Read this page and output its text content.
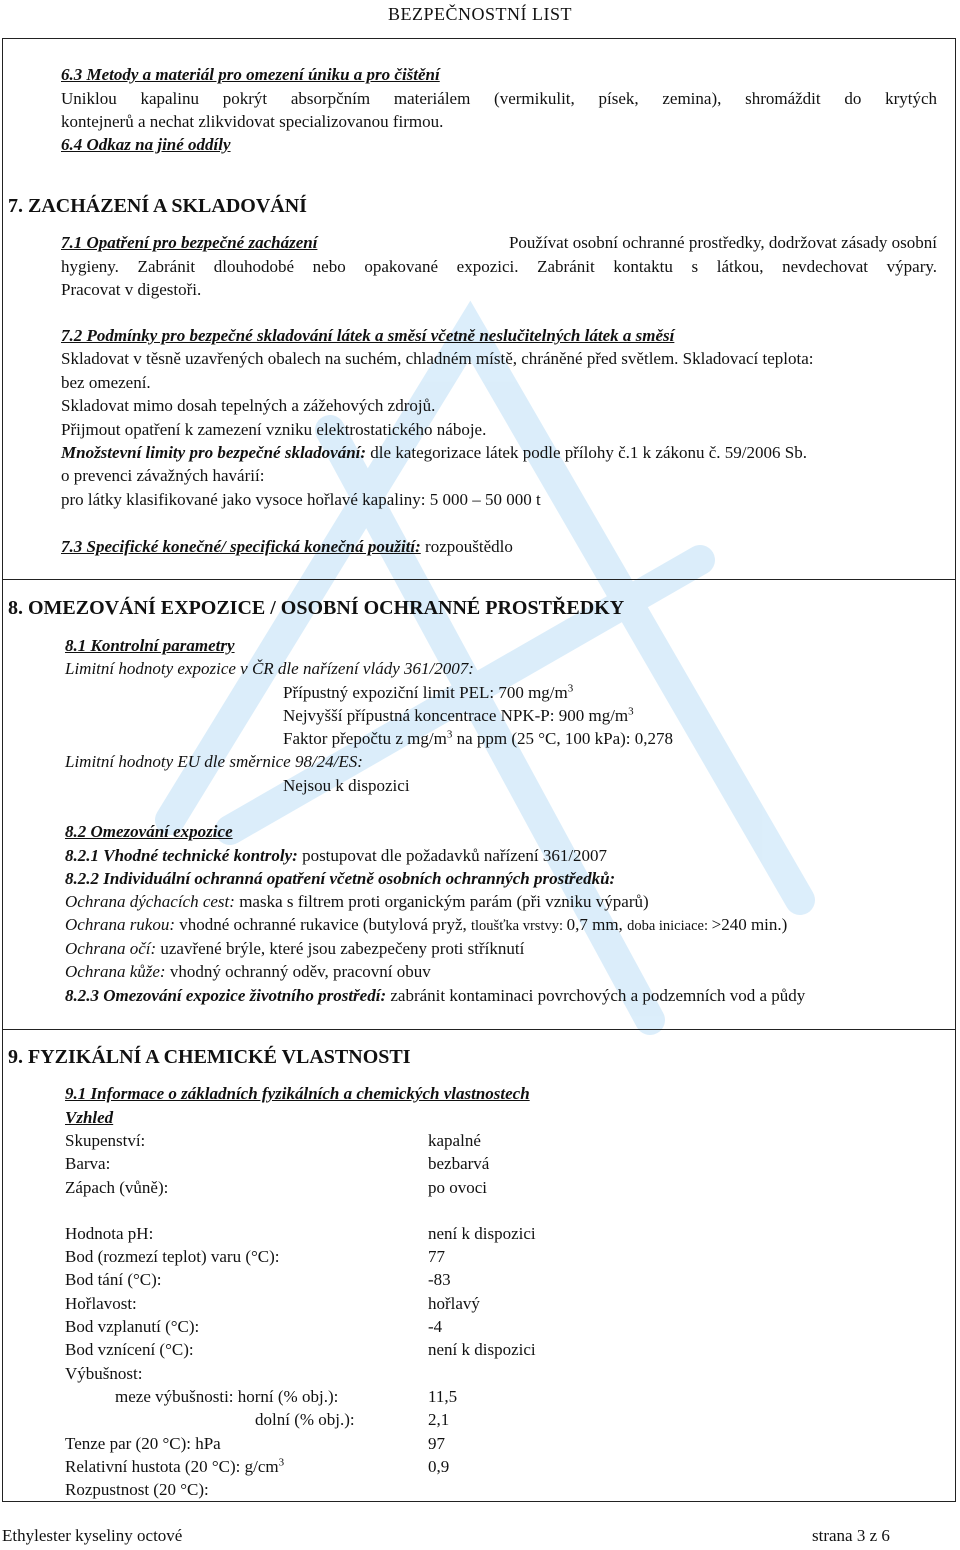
BEZPEČNOSTNÍ LIST
6.3 Metody a materiál pro omezení úniku a pro čištění
Uniklou kapalinu pokrýt absorpčním materiálem (vermikulit, písek, zemina), shromáždit do krytých
kontejnerů a nechat zlikvidovat specializovanou firmou.
6.4 Odkaz na jiné oddíly
7. ZACHÁZENÍ A SKLADOVÁNÍ
7.1 Opatření pro bezpečné zacházení	Používat osobní ochranné prostředky, dodržovat zásady osobní
hygieny. Zabránit dlouhodobé nebo opakované expozici. Zabránit kontaktu s látkou, nevdechovat výpary.
Pracovat v digestoři.
7.2 Podmínky pro bezpečné skladování látek a směsí včetně neslučitelných látek a směsí
Skladovat v těsně uzavřených obalech na suchém, chladném místě, chráněné před světlem. Skladovací teplota:
bez omezení.
Skladovat mimo dosah tepelných a zážehových zdrojů.
Přijmout opatření k zamezení vzniku elektrostatického náboje.
Množstevní limity pro bezpečné skladování: dle kategorizace látek podle přílohy č.1 k zákonu č. 59/2006 Sb.
o prevenci závažných havárií:
pro látky klasifikované jako vysoce hořlavé kapaliny: 5 000 – 50 000 t
7.3 Specifické konečné/ specifická konečná použití: rozpouštědlo
8. OMEZOVÁNÍ EXPOZICE / OSOBNÍ OCHRANNÉ PROSTŘEDKY
8.1 Kontrolní parametry
Limitní hodnoty expozice v ČR dle nařízení vlády 361/2007:
Přípustný expoziční limit PEL: 700 $mg/m^3$
Nejvyšší přípustná koncentrace NPK-P: 900 $mg/m^3$
Faktor přepočtu z $mg/m^3$ na ppm (25 °C, 100 kPa): 0,278
Limitní hodnoty EU dle směrnice 98/24/ES:
Nejsou k dispozici
8.2 Omezování expozice
8.2.1 Vhodné technické kontroly: postupovat dle požadavků nařízení 361/2007
8.2.2 Individuální ochranná opatření včetně osobních ochranných prostředků:
Ochrana dýchacích cest: maska s filtrem proti organickým parám (při vzniku výparů)
Ochrana rukou: vhodné ochranné rukavice (butylová pryž, tloušťka vrstvy: 0,7 mm, doba iniciace: >240 min.)
Ochrana očí: uzavřené brýle, které jsou zabezpečeny proti stříknutí
Ochrana kůže: vhodný ochranný oděv, pracovní obuv
8.2.3 Omezování expozice životního prostředí: zabránit kontaminaci povrchových a podzemních vod a půdy
9. FYZIKÁLNÍ A CHEMICKÉ VLASTNOSTI
9.1 Informace o základních fyzikálních a chemických vlastnostech
Vzhled
Skupenství:	kapalné
Barva:	bezbarvá
Zápach (vůně):	po ovoci
Hodnota pH:	není k dispozici
Bod (rozmezí teplot) varu (°C):	77
Bod tání (°C):	-83
Hořlavost:	hořlavý
Bod vzplanutí (°C):	-4
Bod vznícení (°C):	není k dispozici
Výbušnost:
meze výbušnosti: horní (% obj.):	11,5
dolní (% obj.):	2,1
Tenze par (20 °C): hPa	97
Relativní hustota (20 °C): $g/cm^3$	0,9
Rozpustnost (20 °C):
Ethylester kyseliny octové	strana 3 z 6
